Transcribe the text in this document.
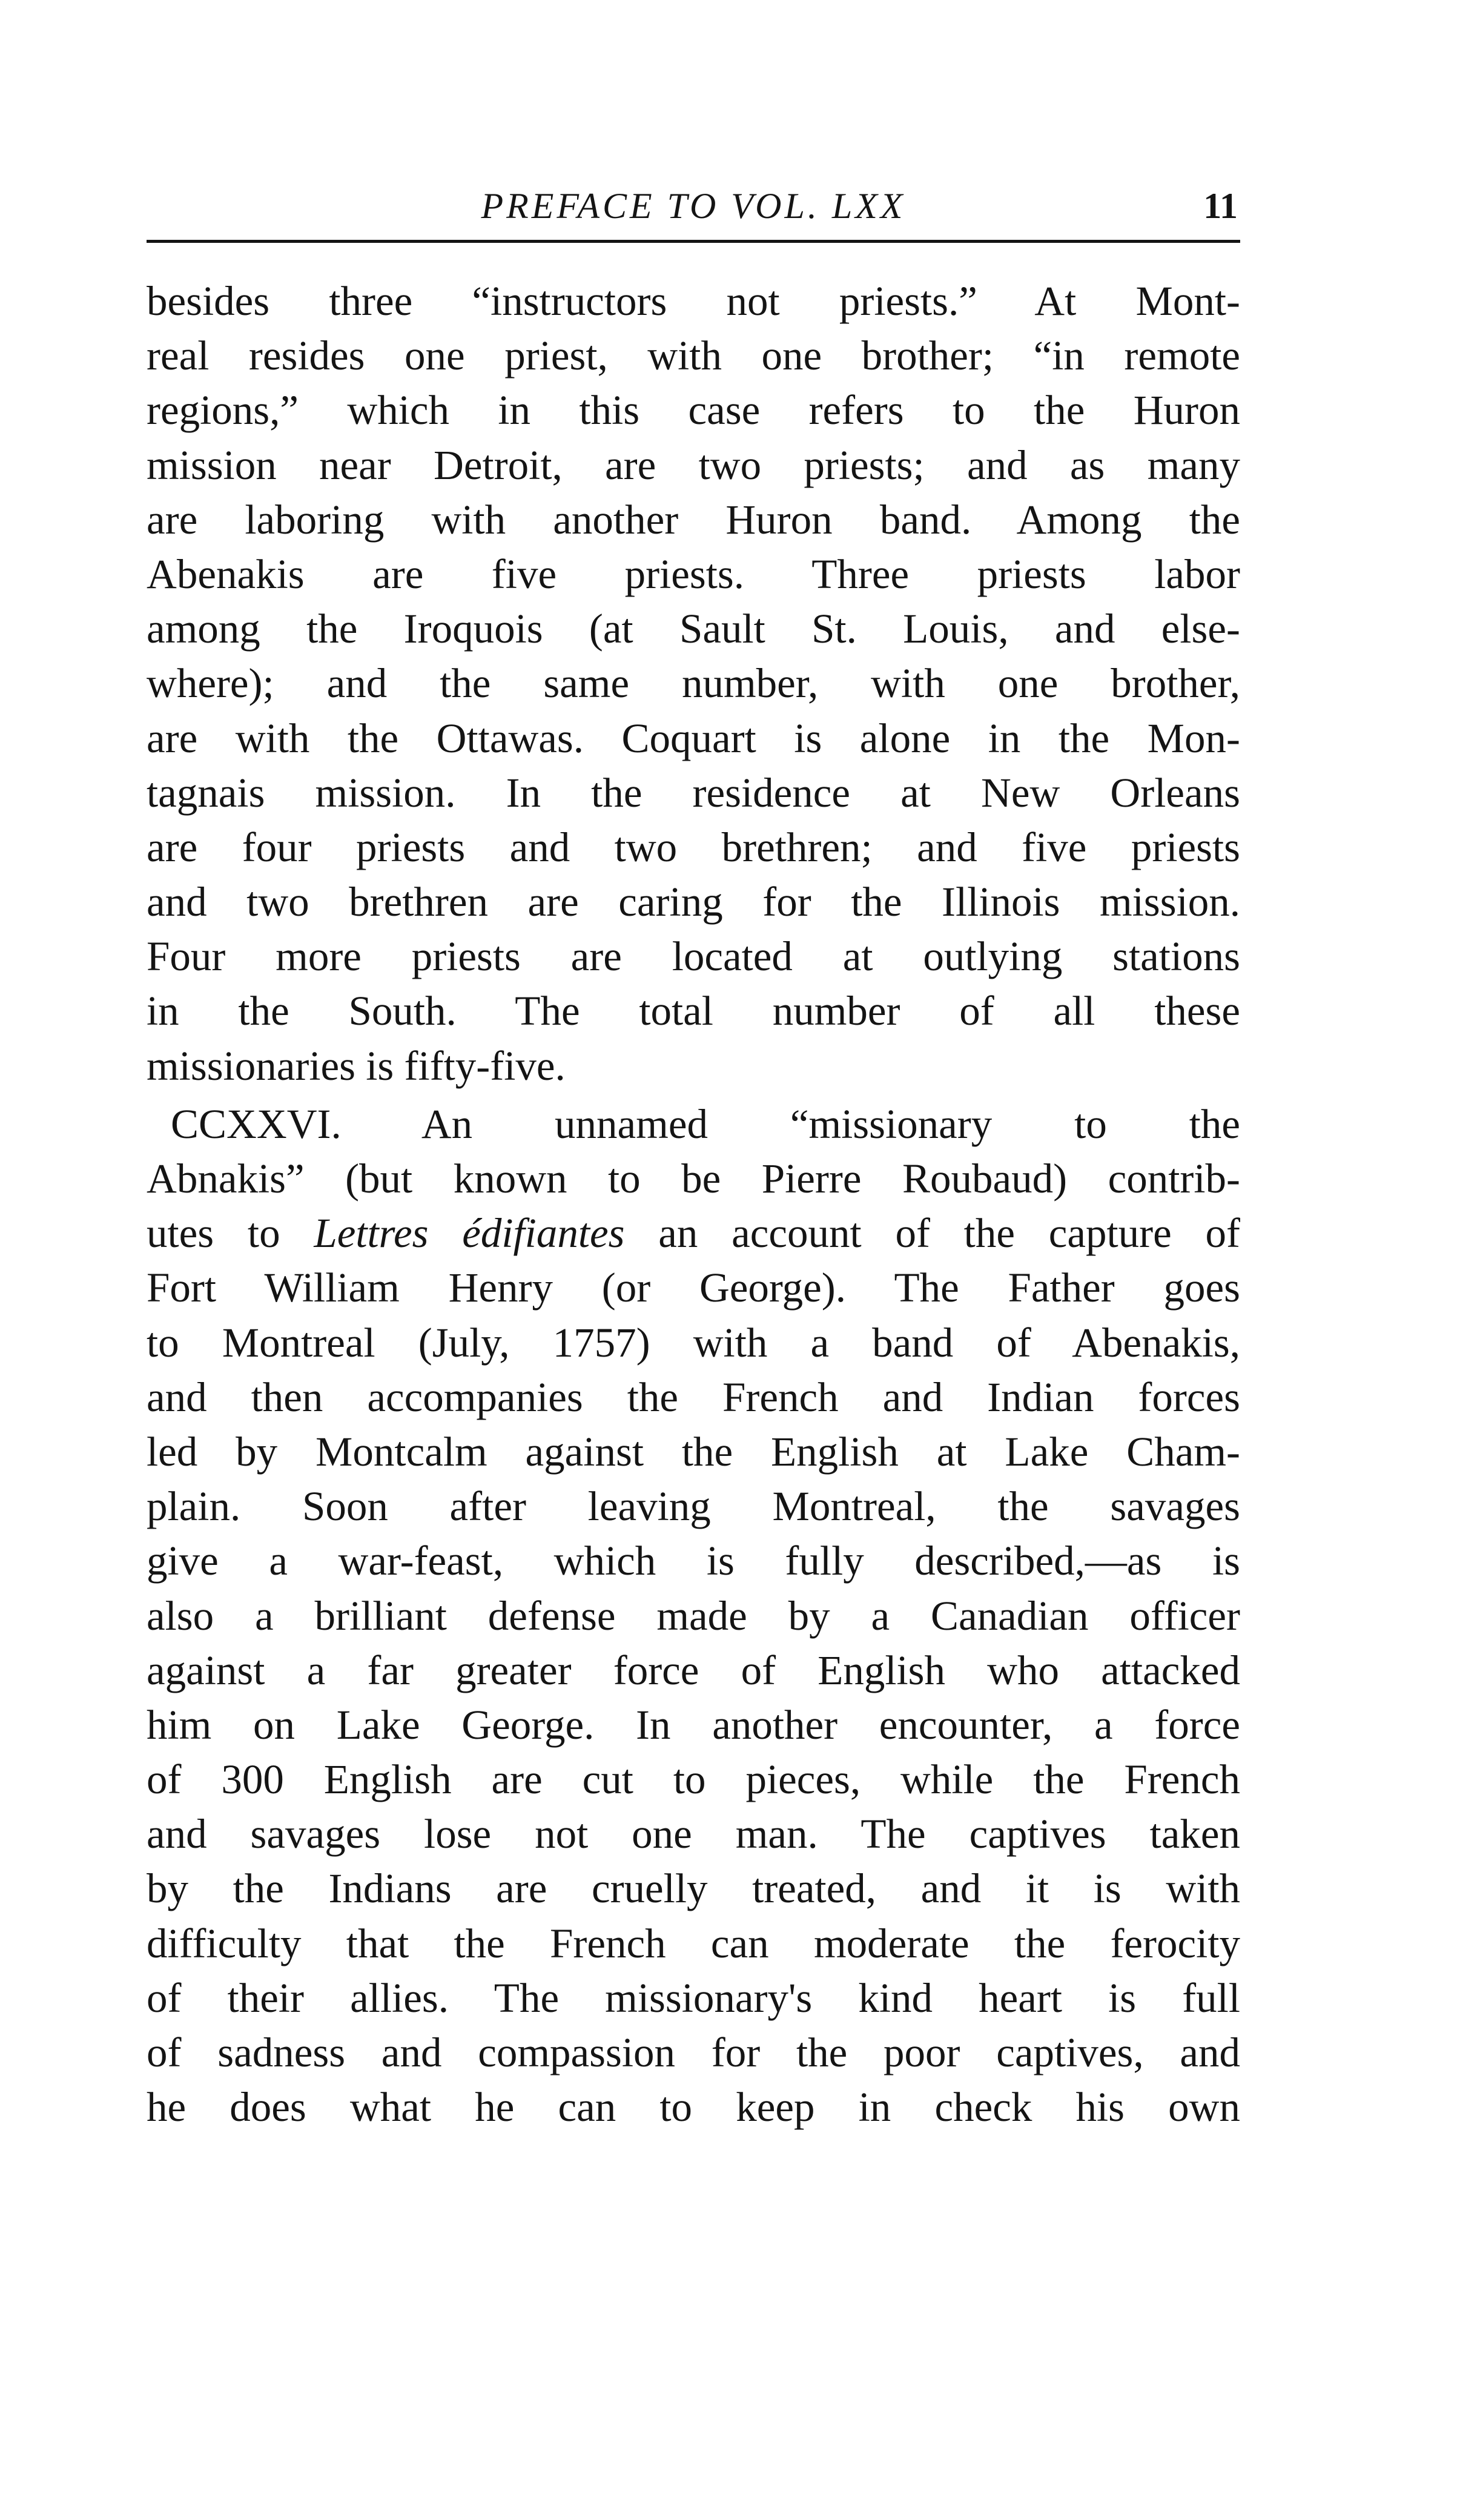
PREFACE TO VOL. LXX	11
besides three “instructors not priests.” At Mont-
real resides one priest, with one brother; “in remote
regions,” which in this case refers to the Huron
mission near Detroit, are two priests; and as many
are laboring with another Huron band. Among the
Abenakis are five priests. Three priests labor
among the Iroquois (at Sault St. Louis, and else-
where); and the same number, with one brother,
are with the Ottawas. Coquart is alone in the Mon-
tagnais mission. In the residence at New Orleans
are four priests and two brethren; and five priests
and two brethren are caring for the Illinois mission.
Four more priests are located at outlying stations
in the South. The total number of all these
missionaries is fifty-five.
CCXXVI. An unnamed “missionary to the
Abnakis” (but known to be Pierre Roubaud) contrib-
utes to Lettres édifiantes an account of the capture of
Fort William Henry (or George). The Father goes
to Montreal (July, 1757) with a band of Abenakis,
and then accompanies the French and Indian forces
led by Montcalm against the English at Lake Cham-
plain. Soon after leaving Montreal, the savages
give a war-feast, which is fully described,—as is
also a brilliant defense made by a Canadian officer
against a far greater force of English who attacked
him on Lake George. In another encounter, a force
of 300 English are cut to pieces, while the French
and savages lose not one man. The captives taken
by the Indians are cruelly treated, and it is with
difficulty that the French can moderate the ferocity
of their allies. The missionary's kind heart is full
of sadness and compassion for the poor captives, and
he does what he can to keep in check his own
